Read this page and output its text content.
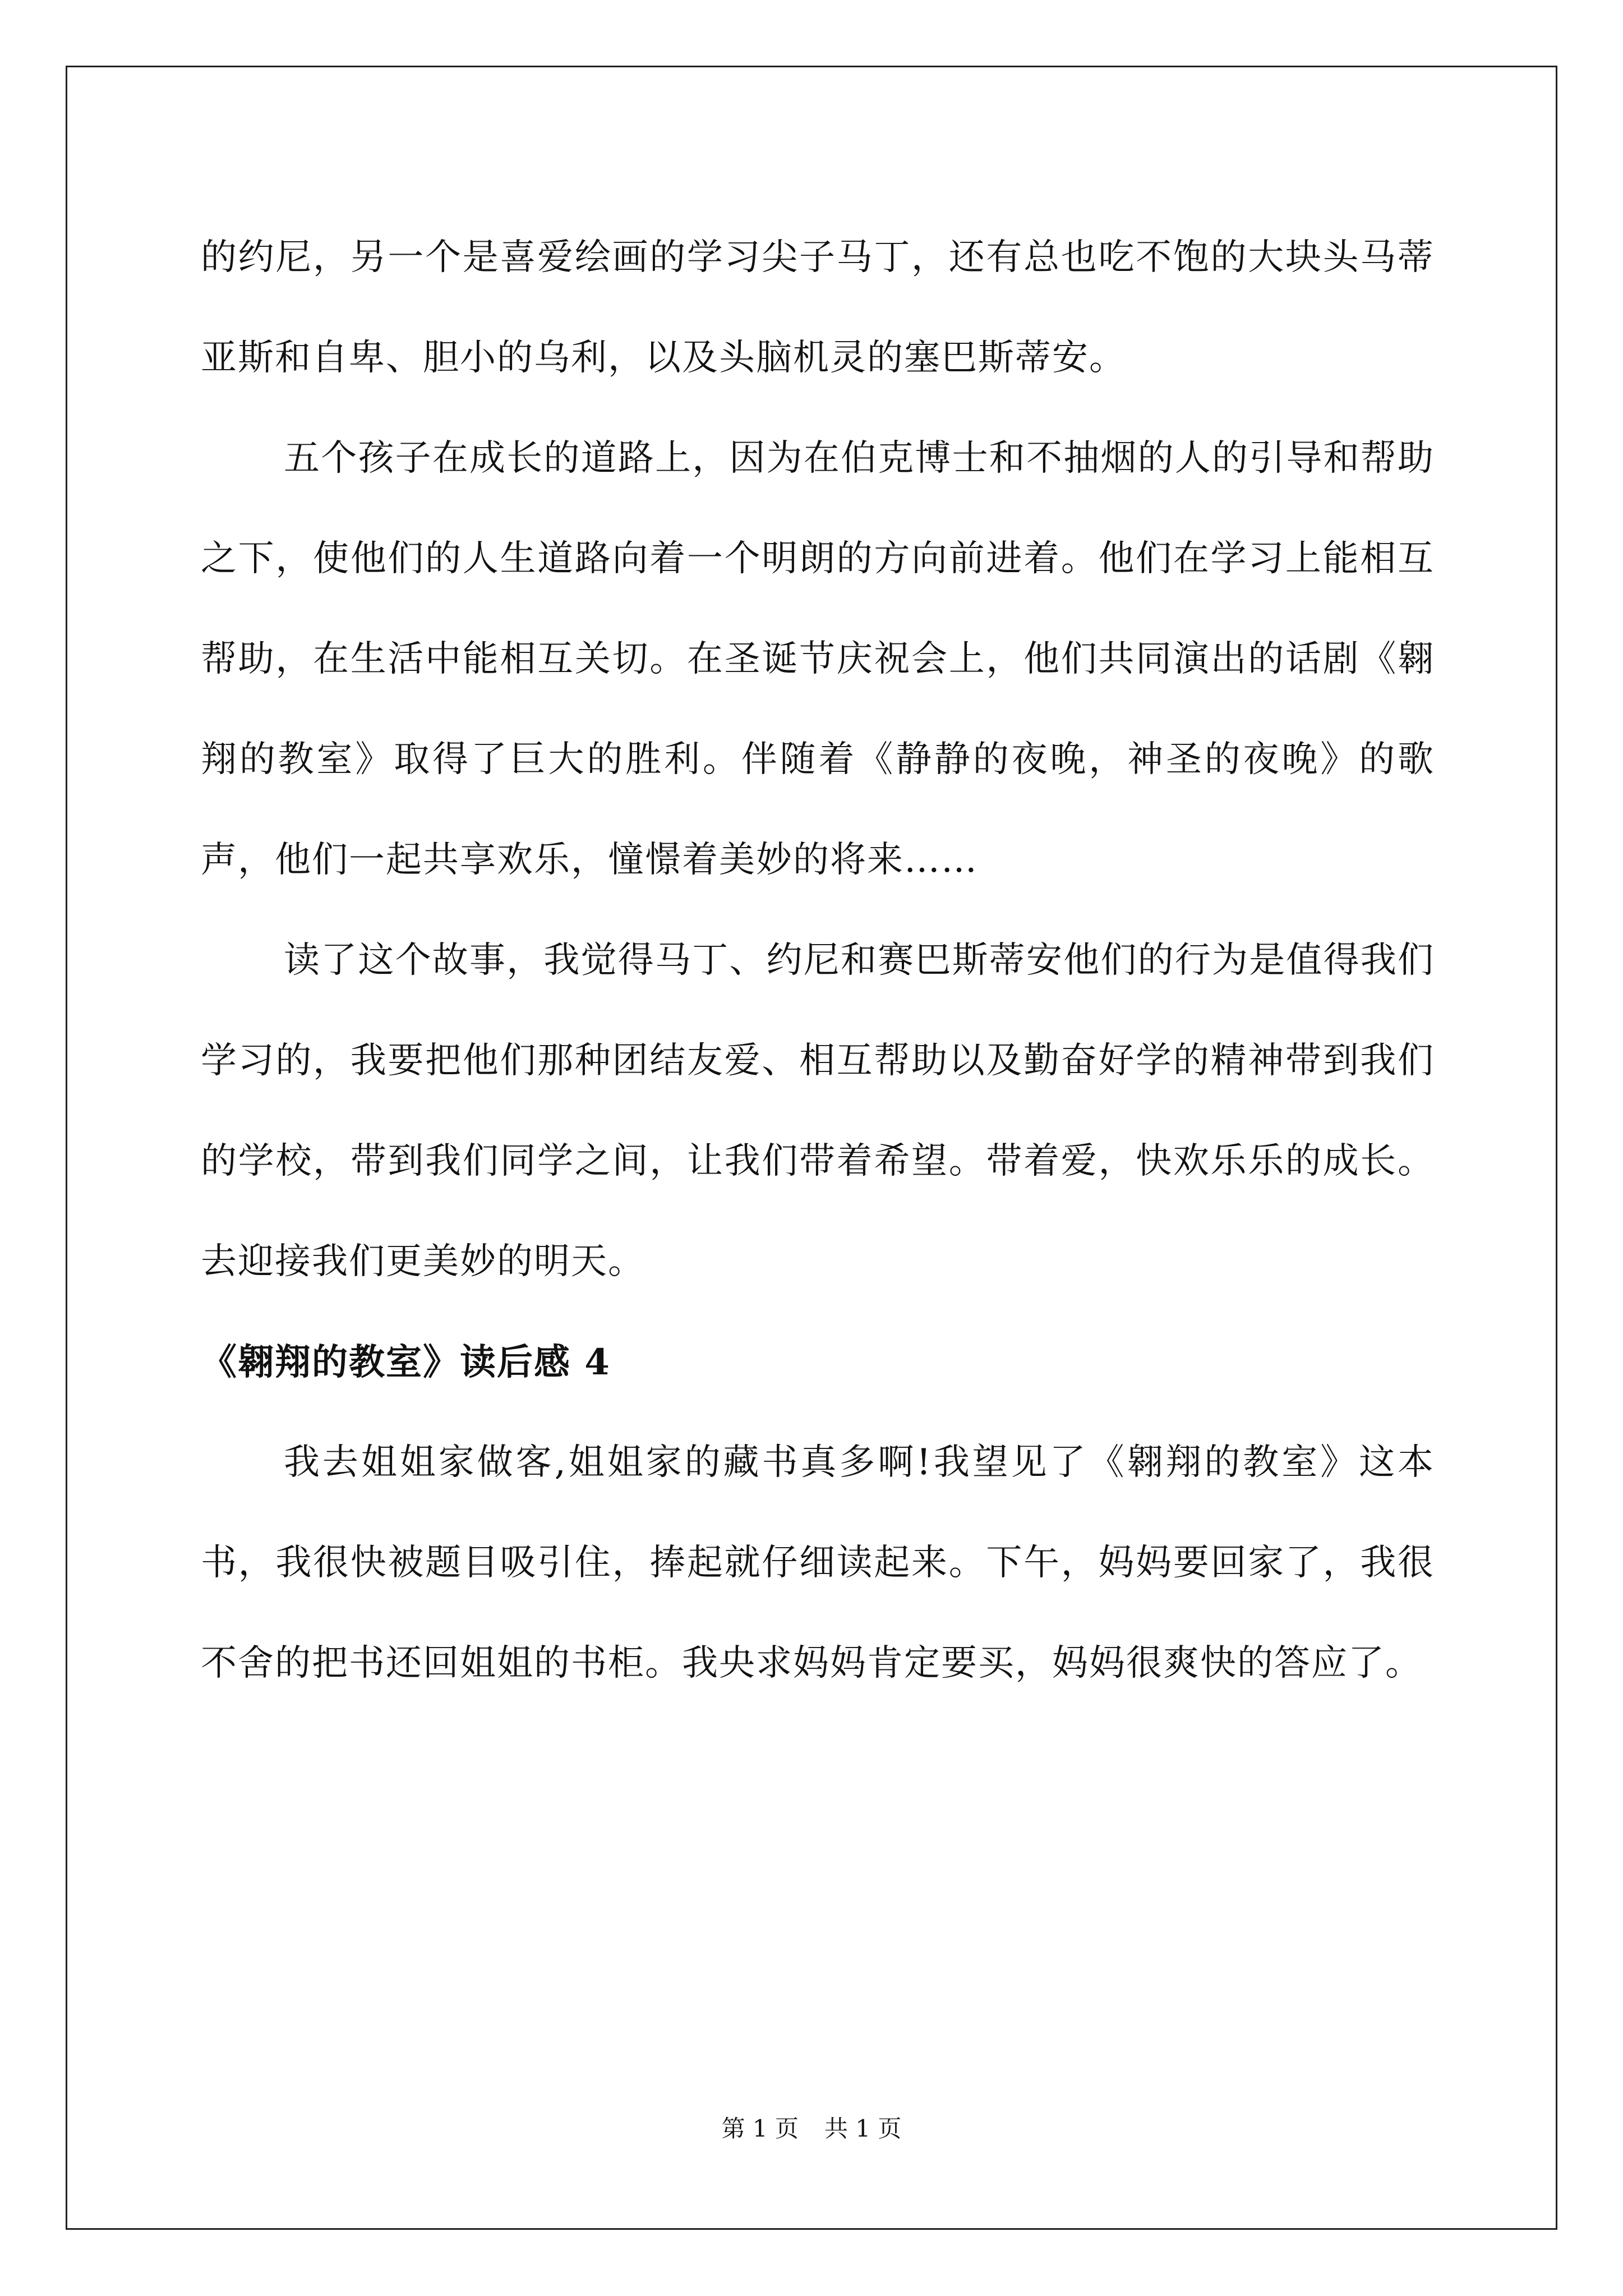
的约尼，另一个是喜爱绘画的学习尖子马丁，还有总也吃不饱的大块头马蒂亚斯和自卑、胆小的乌利，以及头脑机灵的塞巴斯蒂安。

五个孩子在成长的道路上，因为在伯克博士和不抽烟的人的引导和帮助之下，使他们的人生道路向着一个明朗的方向前进着。他们在学习上能相互帮助，在生活中能相互关切。在圣诞节庆祝会上，他们共同演出的话剧《翱翔的教室》取得了巨大的胜利。伴随着《静静的夜晚，神圣的夜晚》的歌声，他们一起共享欢乐，憧憬着美妙的将来……

读了这个故事，我觉得马丁、约尼和赛巴斯蒂安他们的行为是值得我们学习的，我要把他们那种团结友爱、相互帮助以及勤奋好学的精神带到我们的学校，带到我们同学之间，让我们带着希望。带着爱，快欢乐乐的成长。去迎接我们更美妙的明天。

《翱翔的教室》读后感 4

我去姐姐家做客,姐姐家的藏书真多啊!我望见了《翱翔的教室》这本书，我很快被题目吸引住，捧起就仔细读起来。下午，妈妈要回家了，我很不舍的把书还回姐姐的书柜。我央求妈妈肯定要买，妈妈很爽快的答应了。

第 1 页 共 1 页
